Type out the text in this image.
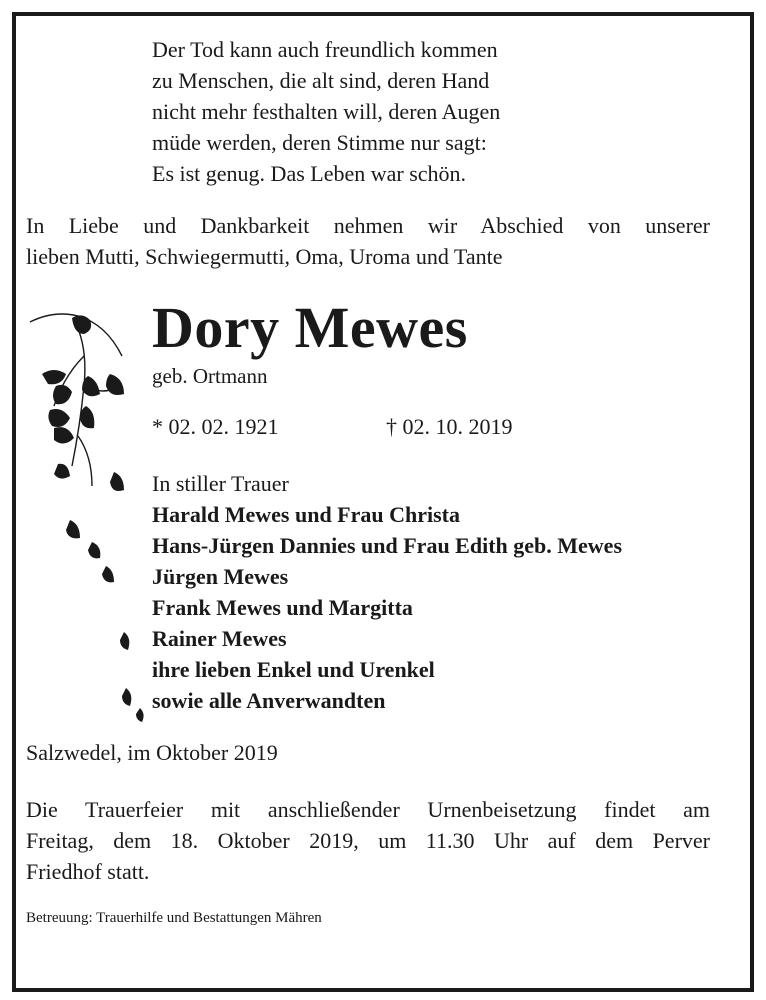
Der Tod kann auch freundlich kommen
zu Menschen, die alt sind, deren Hand
nicht mehr festhalten will, deren Augen
müde werden, deren Stimme nur sagt:
Es ist genug. Das Leben war schön.
In Liebe und Dankbarkeit nehmen wir Abschied von unserer
lieben Mutti, Schwiegermutti, Oma, Uroma und Tante
Dory Mewes
geb. Ortmann
* 02. 02. 1921	† 02. 10. 2019
In stiller Trauer
Harald Mewes und Frau Christa
Hans-Jürgen Dannies und Frau Edith geb. Mewes
Jürgen Mewes
Frank Mewes und Margitta
Rainer Mewes
ihre lieben Enkel und Urenkel
sowie alle Anverwandten
Salzwedel, im Oktober 2019
Die Trauerfeier mit anschließender Urnenbeisetzung findet am
Freitag, dem 18. Oktober 2019, um 11.30 Uhr auf dem Perver
Friedhof statt.
Betreuung: Trauerhilfe und Bestattungen Mähren
